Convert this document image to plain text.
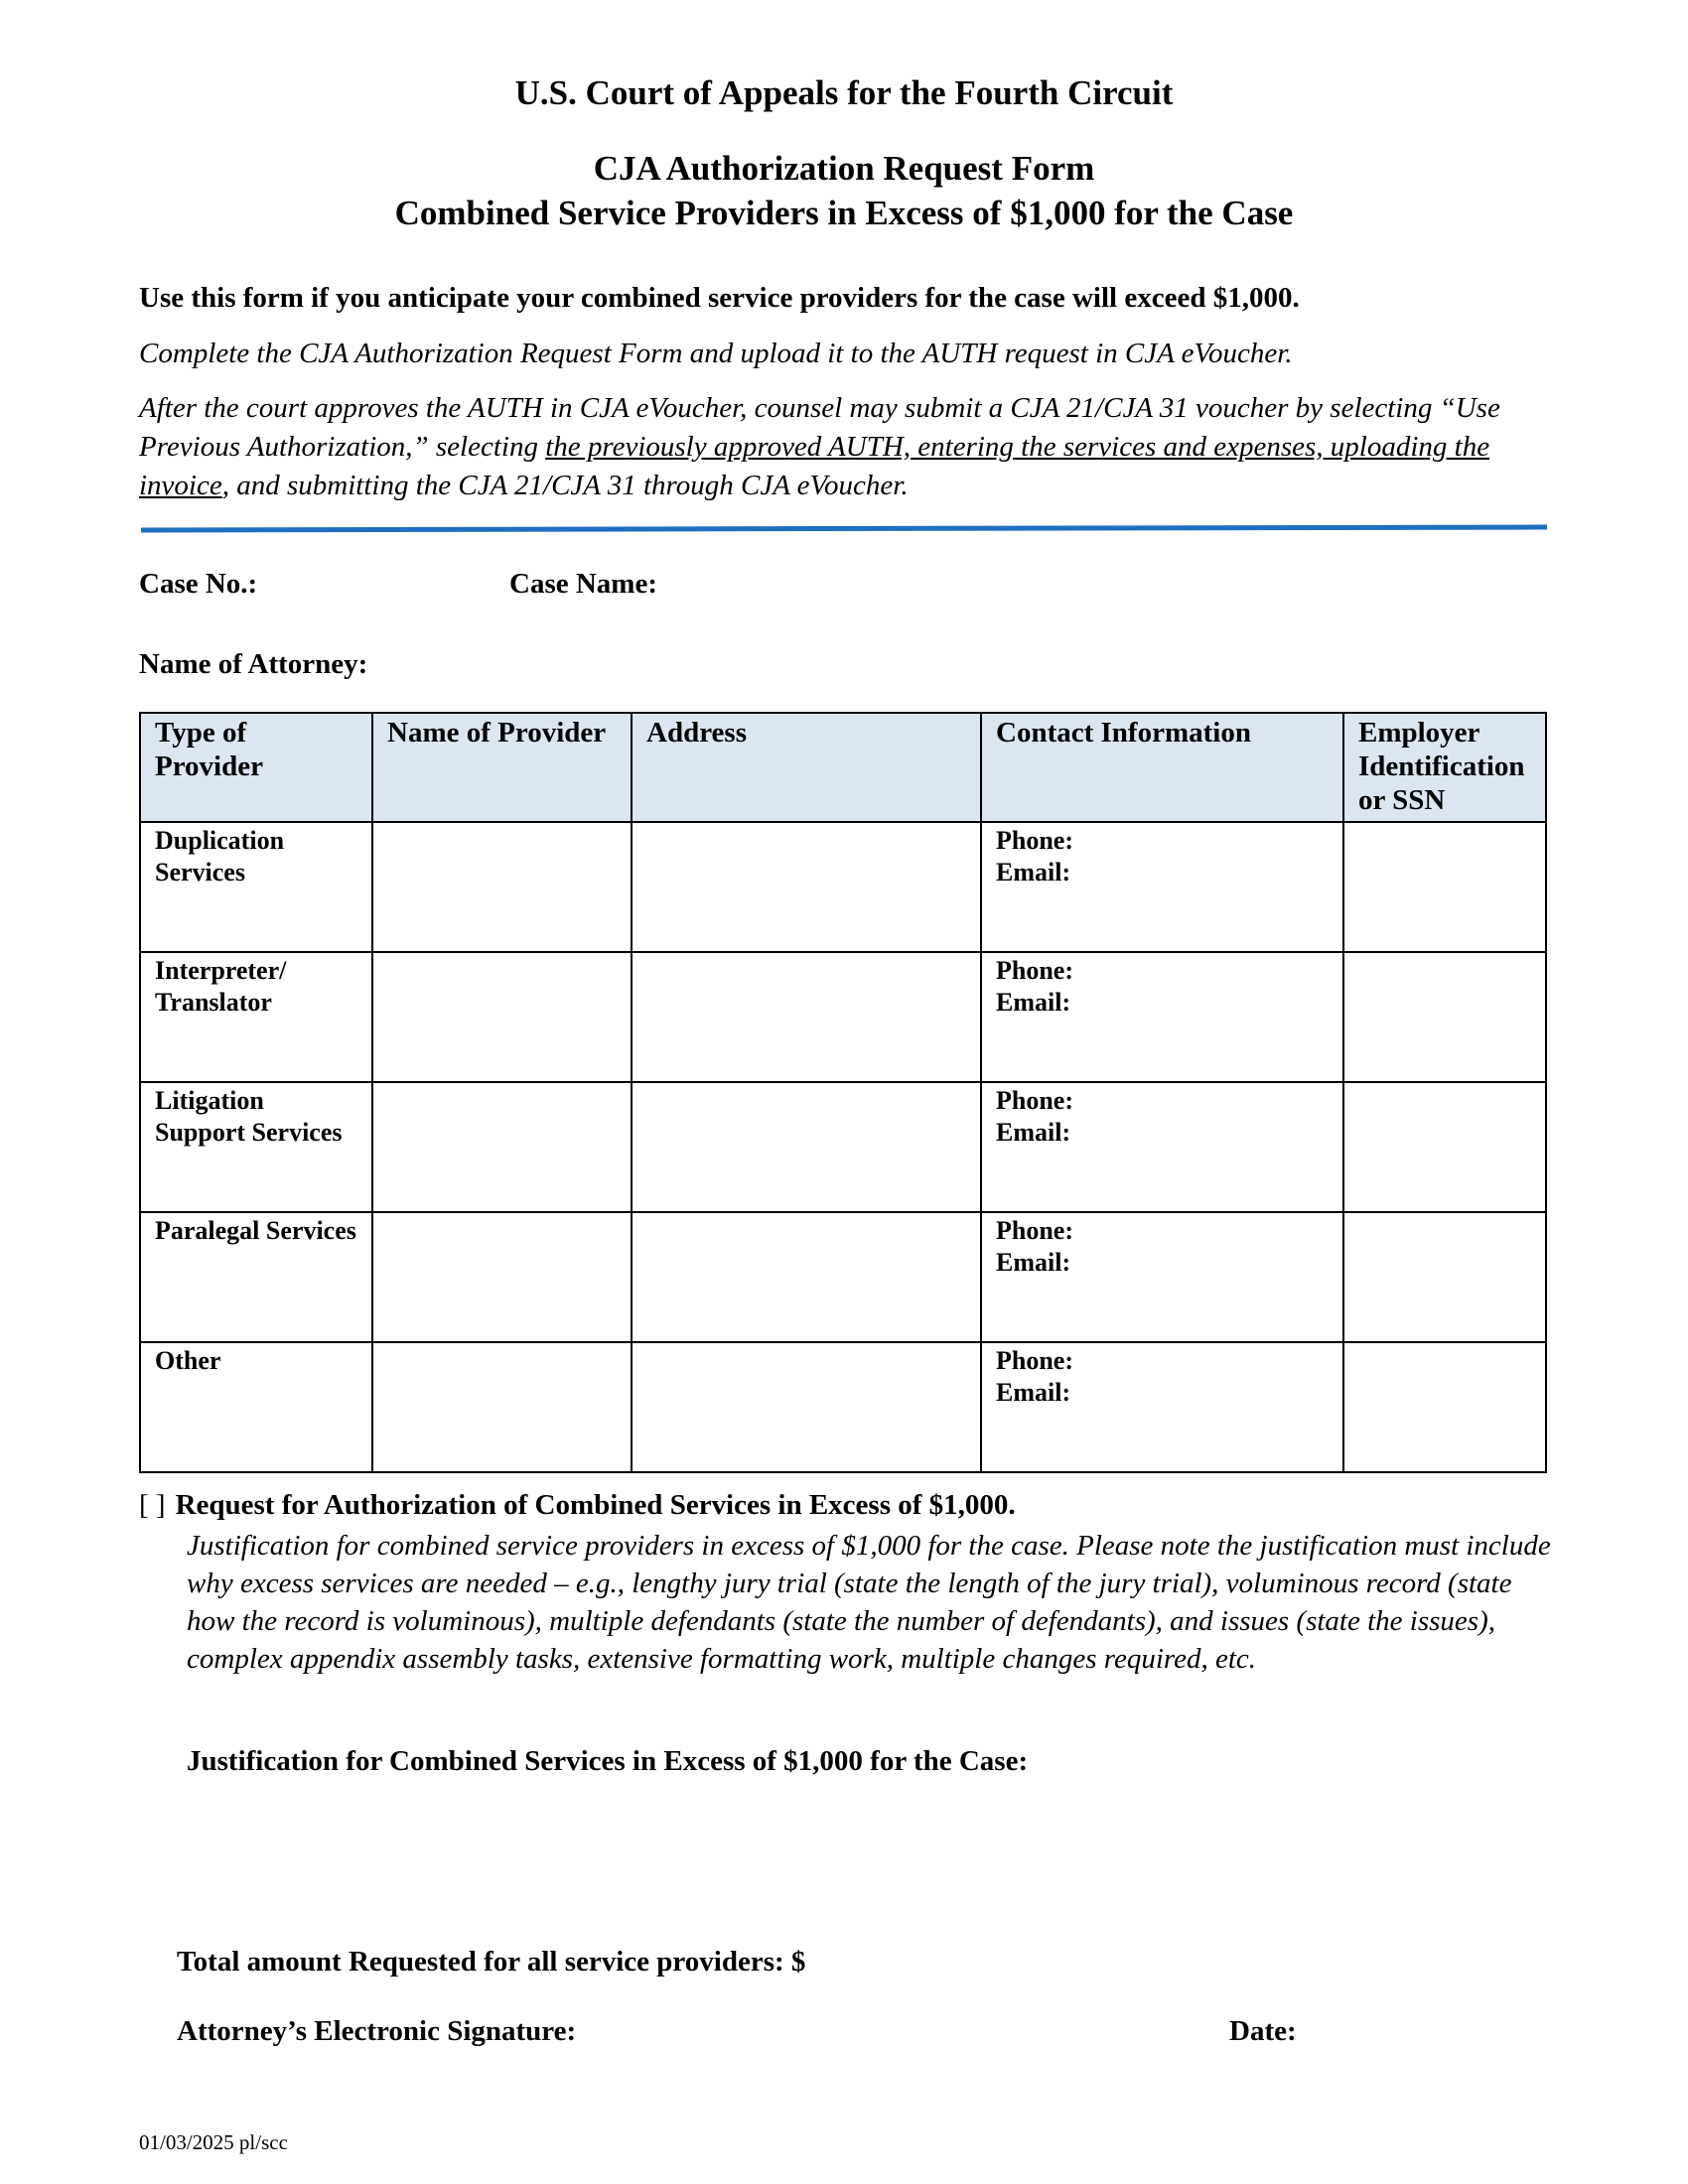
U.S. Court of Appeals for the Fourth Circuit
CJA Authorization Request Form
Combined Service Providers in Excess of $1,000 for the Case
Use this form if you anticipate your combined service providers for the case will exceed $1,000.
Complete the CJA Authorization Request Form and upload it to the AUTH request in CJA eVoucher.
After the court approves the AUTH in CJA eVoucher, counsel may submit a CJA 21/CJA 31 voucher by selecting “Use Previous Authorization,” selecting the previously approved AUTH, entering the services and expenses, uploading the invoice, and submitting the CJA 21/CJA 31 through CJA eVoucher.
Case No.:	Case Name:
Name of Attorney:
Type of Provider	Name of Provider	Address	Contact Information	Employer Identification or SSN
Duplication Services			Phone:
Email:	

Interpreter/ Translator			Phone:
Email:	

Litigation Support Services			Phone:
Email:	

Paralegal Services			Phone:
Email:	

Other			Phone:
Email:	

[ ] Request for Authorization of Combined Services in Excess of $1,000.
Justification for combined service providers in excess of $1,000 for the case. Please note the justification must include why excess services are needed – e.g., lengthy jury trial (state the length of the jury trial), voluminous record (state how the record is voluminous), multiple defendants (state the number of defendants), and issues (state the issues), complex appendix assembly tasks, extensive formatting work, multiple changes required, etc.
Justification for Combined Services in Excess of $1,000 for the Case:
Total amount Requested for all service providers: $
Attorney’s Electronic Signature:	Date:
01/03/2025 pl/scc
